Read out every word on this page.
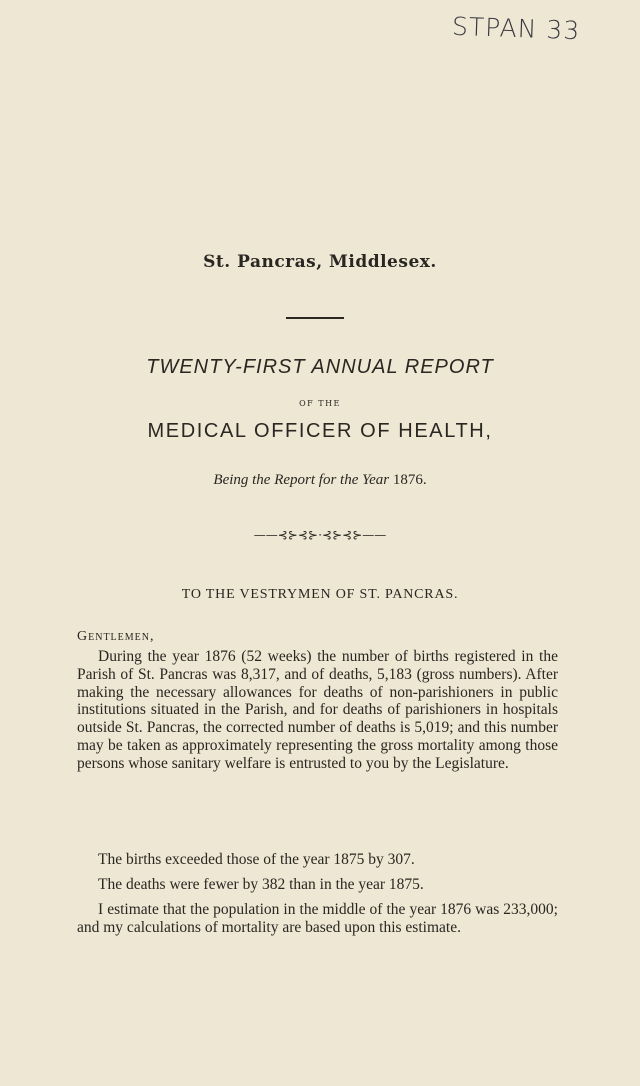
STPAN 33
St. Pancras, Middlesex.
TWENTY-FIRST ANNUAL REPORT
OF THE
MEDICAL OFFICER OF HEALTH,
Being the Report for the Year 1876.
——⊰⊱⊰⊱⋅⊰⊱⊰⊱——
TO THE VESTRYMEN OF ST. PANCRAS.
Gentlemen,

During the year 1876 (52 weeks) the number of births registered in the Parish of St. Pancras was 8,317, and of deaths, 5,183 (gross numbers). After making the necessary allowances for deaths of non-parishioners in public institutions situated in the Parish, and for deaths of parishioners in hospitals outside St. Pancras, the corrected number of deaths is 5,019; and this number may be taken as approximately representing the gross mortality among those persons whose sanitary welfare is entrusted to you by the Legislature.

The births exceeded those of the year 1875 by 307.

The deaths were fewer by 382 than in the year 1875.

I estimate that the population in the middle of the year 1876 was 233,000; and my calculations of mortality are based upon this estimate.
